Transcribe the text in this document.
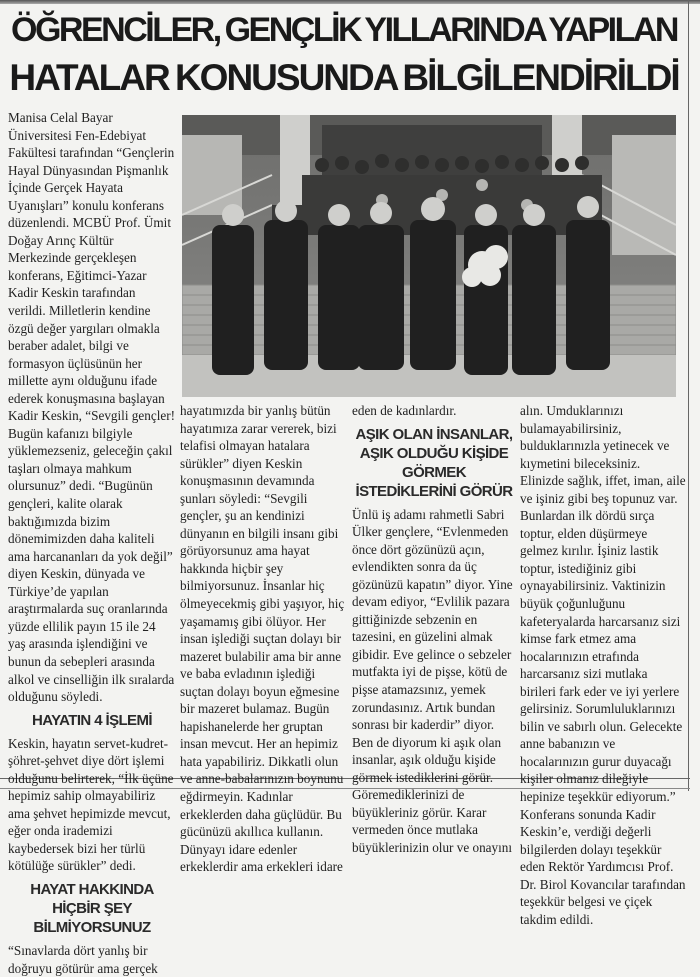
ÖĞRENCİLER, GENÇLİK YILLARINDA YAPILAN
HATALAR KONUSUNDA BİLGİLENDİRİLDİ

Manisa Celal Bayar Üniversitesi Fen-Edebiyat Fakültesi tarafından “Gençlerin Hayal Dünyasından Pişmanlık İçinde Gerçek Hayata Uyanışları” konulu konferans düzenlendi. MCBÜ Prof. Ümit Doğay Arınç Kültür Merkezinde gerçekleşen konferans, Eğitimci-Yazar Kadir Keskin tarafından verildi. Milletlerin kendine özgü değer yargıları olmakla beraber adalet, bilgi ve formasyon üçlüsünün her millette aynı olduğunu ifade ederek konuşmasına başlayan Kadir Keskin, “Sevgili gençler! Bugün kafanızı bilgiyle yüklemezseniz, geleceğin çakıl taşları olmaya mahkum olursunuz” dedi. “Bugünün gençleri, kalite olarak baktığımızda bizim dönemimizden daha kaliteli ama harcananları da yok değil” diyen Keskin, dünyada ve Türkiye’de yapılan araştırmalarda suç oranlarında yüzde ellilik payın 15 ile 24 yaş arasında işlendiğini ve bunun da sebepleri arasında alkol ve cinselliğin ilk sıralarda olduğunu söyledi.

HAYATIN 4 İŞLEMİ

Keskin, hayatın servet-kudret-şöhret-şehvet diye dört işlemi olduğunu belirterek, “İlk üçüne hepimiz sahip olmayabiliriz ama şehvet hepimizde mevcut, eğer onda irademizi kaybedersek bizi her türlü kötülüğe sürükler” dedi.

HAYAT HAKKINDA HİÇBİR ŞEY BİLMİYORSUNUZ

“Sınavlarda dört yanlış bir doğruyu götürür ama gerçek

hayatımızda bir yanlış bütün hayatımıza zarar vererek, bizi telafisi olmayan hatalara sürükler” diyen Keskin konuşmasının devamında şunları söyledi: “Sevgili gençler, şu an kendinizi dünyanın en bilgili insanı gibi görüyorsunuz ama hayat hakkında hiçbir şey bilmiyorsunuz. İnsanlar hiç ölmeyecekmiş gibi yaşıyor, hiç yaşamamış gibi ölüyor. Her insan işlediği suçtan dolayı bir mazeret bulabilir ama bir anne ve baba evladının işlediği suçtan dolayı boyun eğmesine bir mazeret bulamaz. Bugün hapishanelerde her gruptan insan mevcut. Her an hepimiz hata yapabiliriz. Dikkatli olun ve anne-babalarınızın boynunu eğdirmeyin. Kadınlar erkeklerden daha güçlüdür. Bu gücünüzü akıllıca kullanın. Dünyayı idare edenler erkeklerdir ama erkekleri idare

eden de kadınlardır.

AŞIK OLAN İNSANLAR, AŞIK OLDUĞU KİŞİDE GÖRMEK İSTEDİKLERİNİ GÖRÜR

Ünlü iş adamı rahmetli Sabri Ülker gençlere, “Evlenmeden önce dört gözünüzü açın, evlendikten sonra da üç gözünüzü kapatın” diyor. Yine devam ediyor, “Evlilik pazara gittiğinizde sebzenin en tazesini, en güzelini almak gibidir. Eve gelince o sebzeler mutfakta iyi de pişse, kötü de pişse atamazsınız, yemek zorundasınız. Artık bundan sonrası bir kaderdir” diyor. Ben de diyorum ki aşık olan insanlar, aşık olduğu kişide görmek istediklerini görür. Göremediklerinizi de büyükleriniz görür. Karar vermeden önce mutlaka büyüklerinizin olur ve onayını

alın. Umduklarınızı bulamayabilirsiniz, bulduklarınızla yetinecek ve kıymetini bileceksiniz. Elinizde sağlık, iffet, iman, aile ve işiniz gibi beş topunuz var. Bunlardan ilk dördü sırça toptur, elden düşürmeye gelmez kırılır. İşiniz lastik toptur, istediğiniz gibi oynayabilirsiniz. Vaktinizin büyük çoğunluğunu kafeteryalarda harcarsanız sizi kimse fark etmez ama hocalarınızın etrafında harcarsanız sizi mutlaka birileri fark eder ve iyi yerlere gelirsiniz. Sorumluluklarınızı bilin ve sabırlı olun. Gelecekte anne babanızın ve hocalarınızın gurur duyacağı kişiler olmanız dileğiyle hepinize teşekkür ediyorum.”

Konferans sonunda Kadir Keskin’e, verdiği değerli bilgilerden dolayı teşekkür eden Rektör Yardımcısı Prof. Dr. Birol Kovancılar tarafından teşekkür belgesi ve çiçek takdim edildi.
